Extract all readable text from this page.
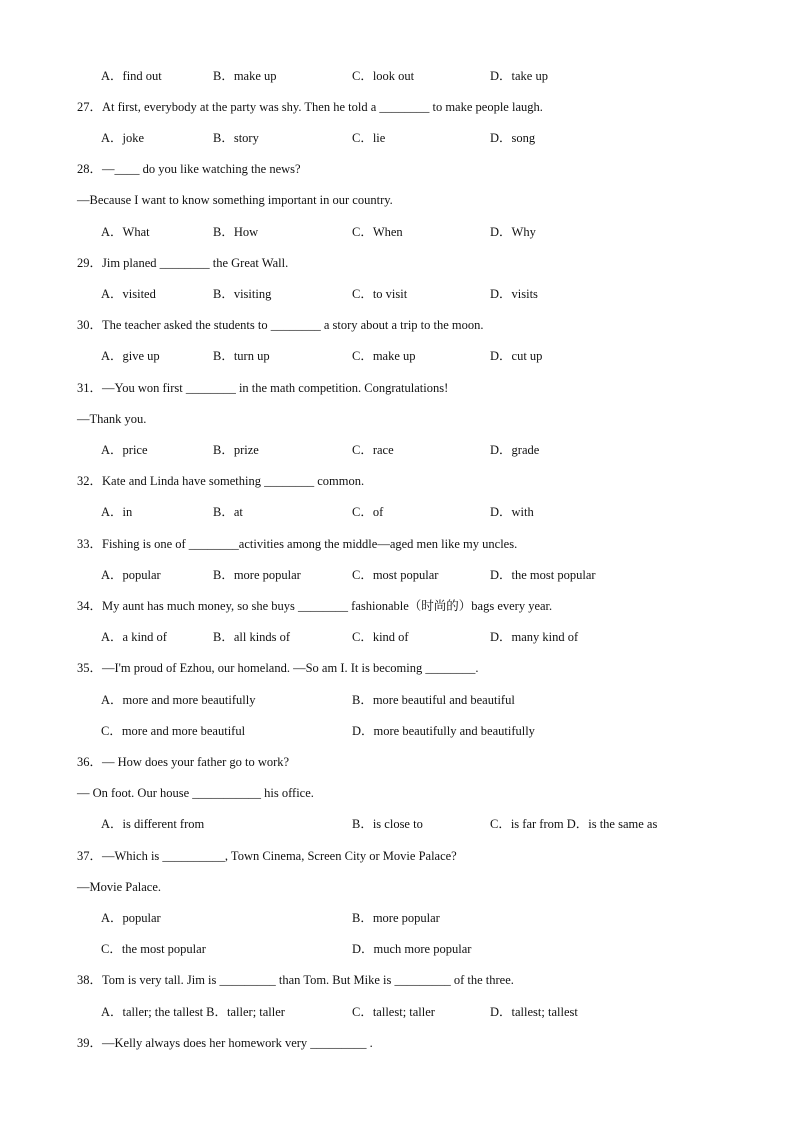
A．find out	B．make up	C．look out	D．take up
27．At first, everybody at the party was shy. Then he told a ________ to make people laugh.
A．joke	B．story	C．lie	D．song
28．—____ do you like watching the news?
—Because I want to know something important in our country.
A．What	B．How	C．When	D．Why
29．Jim planed ________ the Great Wall.
A．visited	B．visiting	C．to visit	D．visits
30．The teacher asked the students to ________ a story about a trip to the moon.
A．give up	B．turn up	C．make up	D．cut up
31．—You won first ________ in the math competition. Congratulations!
—Thank you.
A．price	B．prize	C．race	D．grade
32．Kate and Linda have something ________ common.
A．in	B．at	C．of	D．with
33．Fishing is one of ________activities among the middle—aged men like my uncles.
A．popular	B．more popular	C．most popular	D．the most popular
34．My aunt has much money, so she buys ________ fashionable（时尚的）bags every year.
A．a kind of	B．all kinds of	C．kind of	D．many kind of
35．—I'm proud of Ezhou, our homeland. —So am I. It is becoming ________.
A．more and more beautifully	B．more beautiful and beautiful
C．more and more beautiful	D．more beautifully and beautifully
36．— How does your father go to work?
— On foot. Our house ___________ his office.
A．is different from	B．is close to	C．is far from D．is the same as
37．—Which is __________, Town Cinema, Screen City or Movie Palace?
—Movie Palace.
A．popular	B．more popular
C．the most popular	D．much more popular
38．Tom is very tall. Jim is _________ than Tom. But Mike is _________ of the three.
A．taller; the tallest B．taller; taller	C．tallest; taller	D．tallest; tallest
39．—Kelly always does her homework very _________ .
